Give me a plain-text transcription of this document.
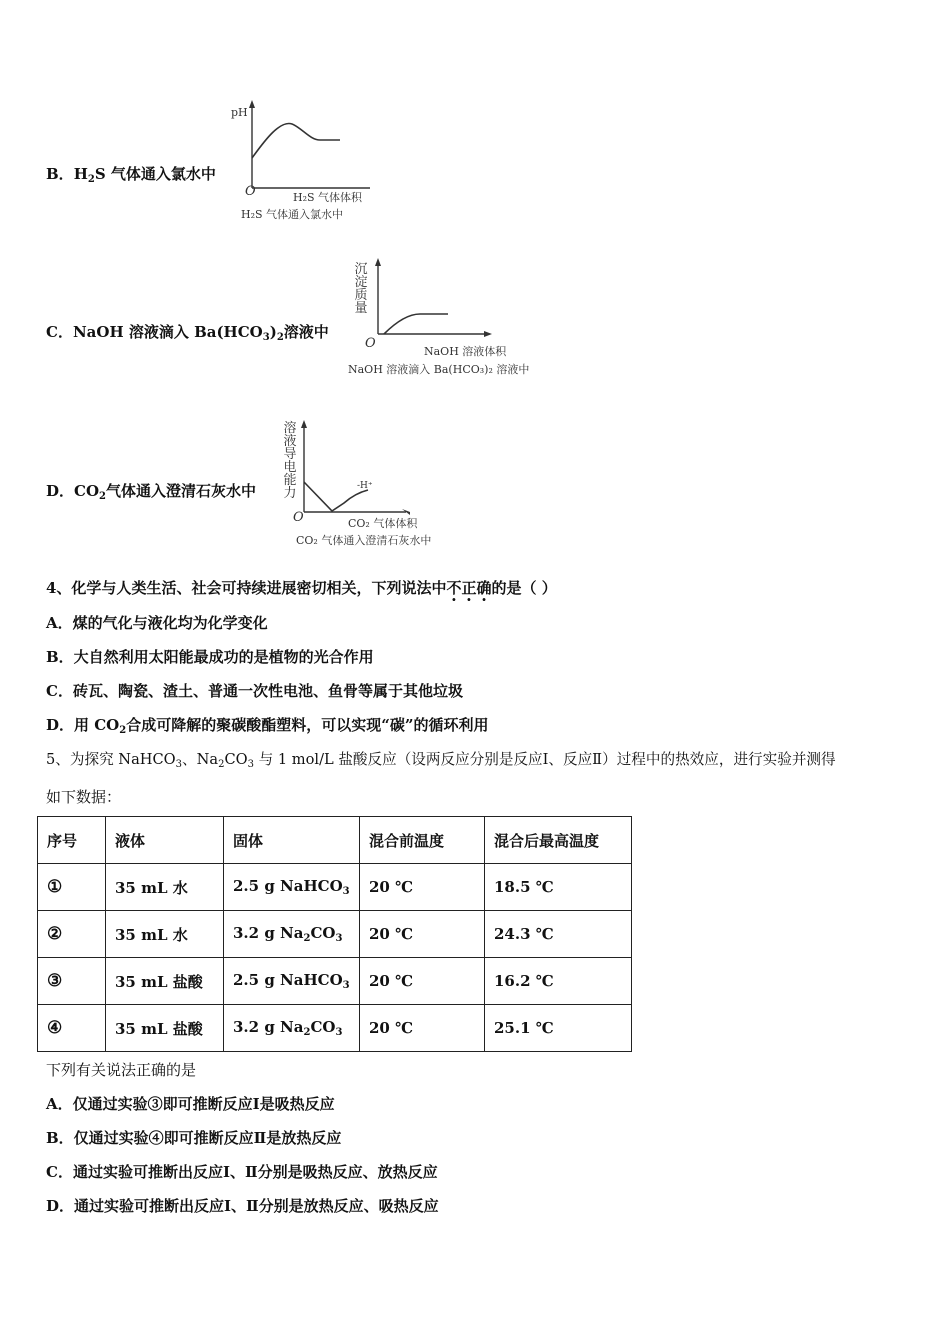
B．$H_2S$ 气体通入氯水中
pH
O	H₂S 气体体积
H₂S 气体通入氯水中
C．NaOH 溶液滴入 $Ba(HCO_3)_2$溶液中
沉
淀
质
量
O
NaOH 溶液体积
NaOH 溶液滴入 Ba(HCO₃)₂ 溶液中
D．$CO_2$气体通入澄清石灰水中
溶
液
导
电
能
力	-H⁺
O	CO₂ 气体体积
CO₂ 气体通入澄清石灰水中
4、化学与人类生活、社会可持续进展密切相关，下列说法中不正确的是（ ）
A．煤的气化与液化均为化学变化
B．大自然利用太阳能最成功的是植物的光合作用
C．砖瓦、陶瓷、渣土、普通一次性电池、鱼骨等属于其他垃圾
D．用 $CO_2$合成可降解的聚碳酸酯塑料，可以实现“碳”的循环利用
5、为探究 NaHCO$_3$、$Na_2CO_3$ 与 1 mol/L 盐酸反应（设两反应分别是反应Ⅰ、反应Ⅱ）过程中的热效应，进行实验并测得
如下数据：
序号	液体	固体	混合前温度	混合后最高温度
①	35 mL 水	2.5 g NaHCO$_3$	20 ℃	18.5 ℃
②	35 mL 水	3.2 g $Na_2CO_3$	20 ℃	24.3 ℃
③	35 mL 盐酸	2.5 g NaHCO$_3$	20 ℃	16.2 ℃
④	35 mL 盐酸	3.2 g $Na_2CO_3$	20 ℃	25.1 ℃
下列有关说法正确的是
A．仅通过实验③即可推断反应Ⅰ是吸热反应
B．仅通过实验④即可推断反应Ⅱ是放热反应
C．通过实验可推断出反应Ⅰ、Ⅱ分别是吸热反应、放热反应
D．通过实验可推断出反应Ⅰ、Ⅱ分别是放热反应、吸热反应
